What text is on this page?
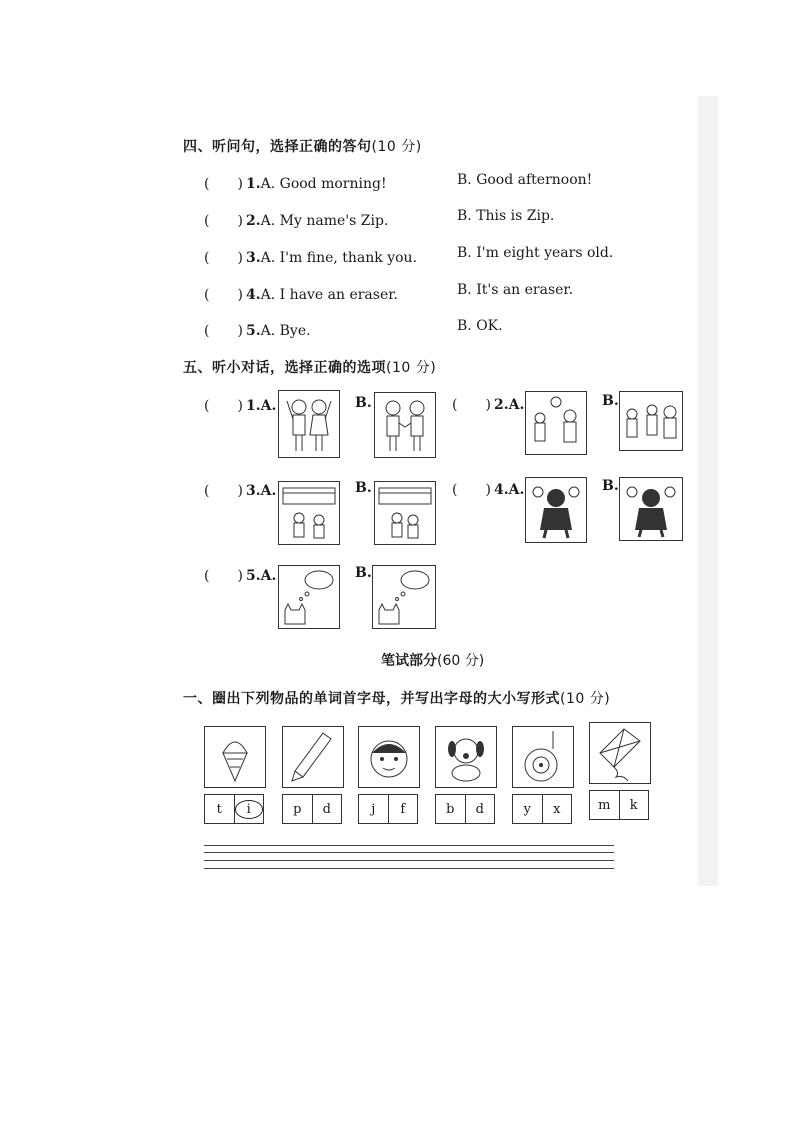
四、听问句，选择正确的答句(10 分)
(　　) 1.A. Good morning!	B. Good afternoon!
(　　) 2.A. My name's Zip.	B. This is Zip.
(　　) 3.A. I'm fine, thank you.	B. I'm eight years old.
(　　) 4.A. I have an eraser.	B. It's an eraser.
(　　) 5.A. Bye.	B. OK.
五、听小对话，选择正确的选项(10 分)
(　　) 1.A.	B.	(　　) 2.A.	B.
(　　) 3.A.	B.	(　　) 4.A.	B.
(　　) 5.A.	B.
笔试部分(60 分)
一、圈出下列物品的单词首字母，并写出字母的大小写形式(10 分)
t	i	p	d	j	f	b	d	y	x	m	k
